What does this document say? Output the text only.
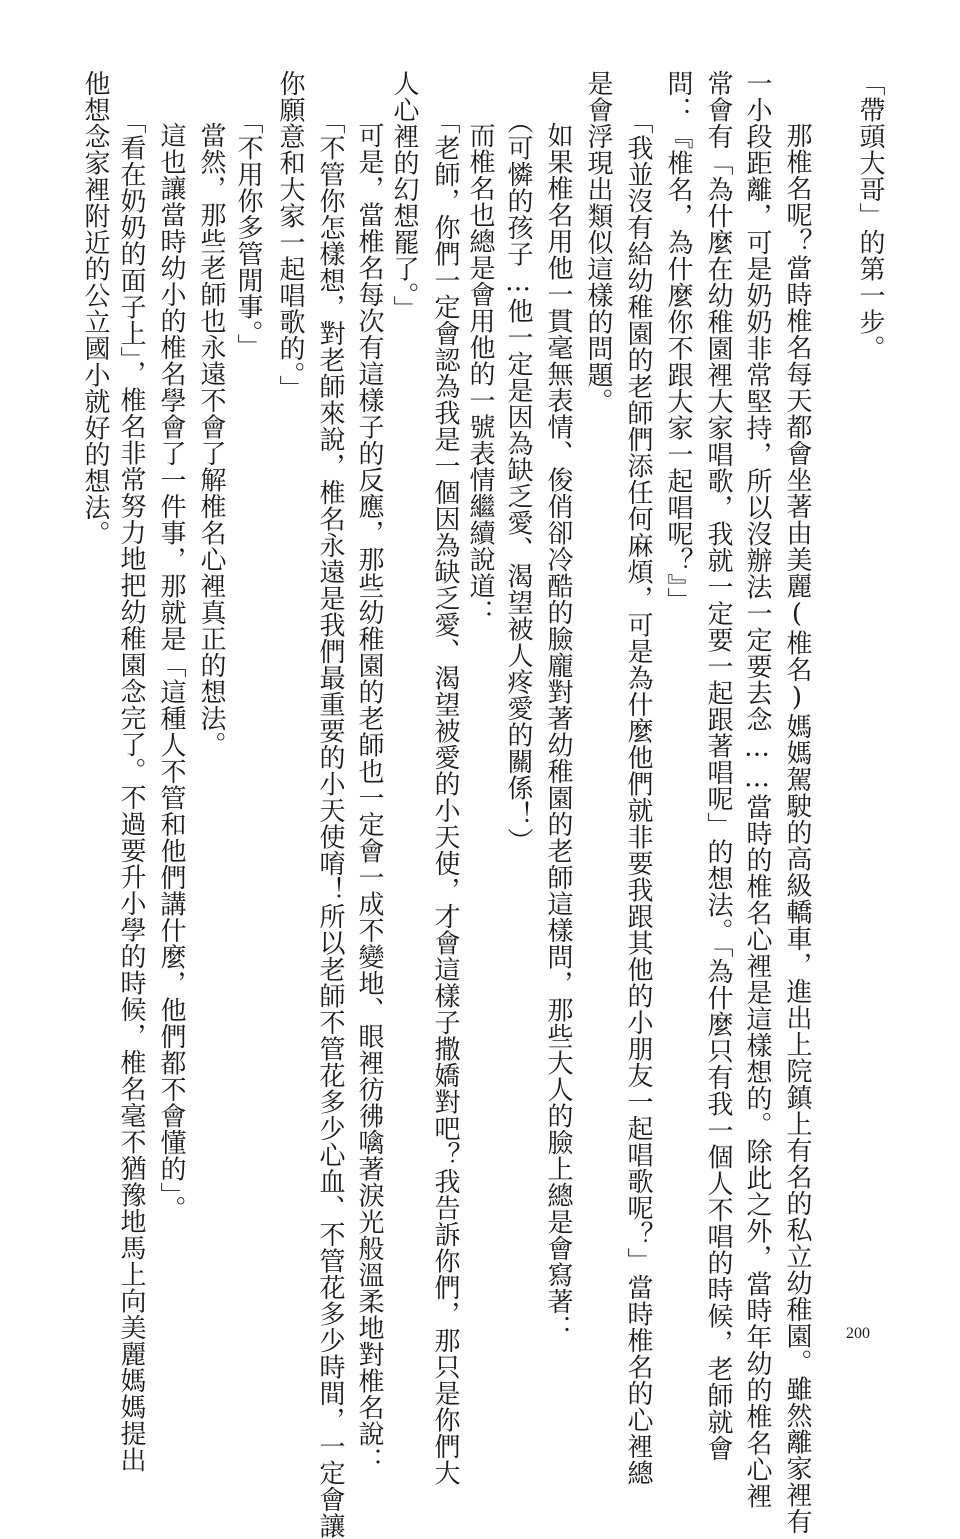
「帶頭大哥」的第一步。
那椎名呢？當時椎名每天都會坐著由美麗(椎名)媽媽駕駛的高級轎車，進出上院鎮上有名的私立幼稚園。雖然離家裡有
一小段距離，可是奶奶非常堅持，所以沒辦法一定要去念……當時的椎名心裡是這樣想的。除此之外，當時年幼的椎名心裡
常會有「為什麼在幼稚園裡大家唱歌，我就一定要一起跟著唱呢」的想法。「為什麼只有我一個人不唱的時候，老師就會
問：『椎名，為什麼你不跟大家一起唱呢？』」
「我並沒有給幼稚園的老師們添任何麻煩，可是為什麼他們就非要我跟其他的小朋友一起唱歌呢？」當時椎名的心裡總
是會浮現出類似這樣的問題。
如果椎名用他一貫毫無表情、俊俏卻冷酷的臉龐對著幼稚園的老師這樣問，那些大人的臉上總是會寫著：
（可憐的孩子…他一定是因為缺乏愛、渴望被人疼愛的關係！）
而椎名也總是會用他的一號表情繼續說道：
「老師，你們一定會認為我是一個因為缺乏愛、渴望被愛的小天使，才會這樣子撒嬌對吧？我告訴你們，那只是你們大
人心裡的幻想罷了。」
可是，當椎名每次有這樣子的反應，那些幼稚園的老師也一定會一成不變地、眼裡彷彿噙著淚光般溫柔地對椎名說：
「不管你怎樣想，對老師來說，椎名永遠是我們最重要的小天使唷！所以老師不管花多少心血、不管花多少時間，一定會讓
你願意和大家一起唱歌的。」
「不用你多管閒事。」
當然，那些老師也永遠不會了解椎名心裡真正的想法。
這也讓當時幼小的椎名學會了一件事，那就是「這種人不管和他們講什麼，他們都不會懂的」。
「看在奶奶的面子上」，椎名非常努力地把幼稚園念完了。不過要升小學的時候，椎名毫不猶豫地馬上向美麗媽媽提出
他想念家裡附近的公立國小就好的想法。
200
